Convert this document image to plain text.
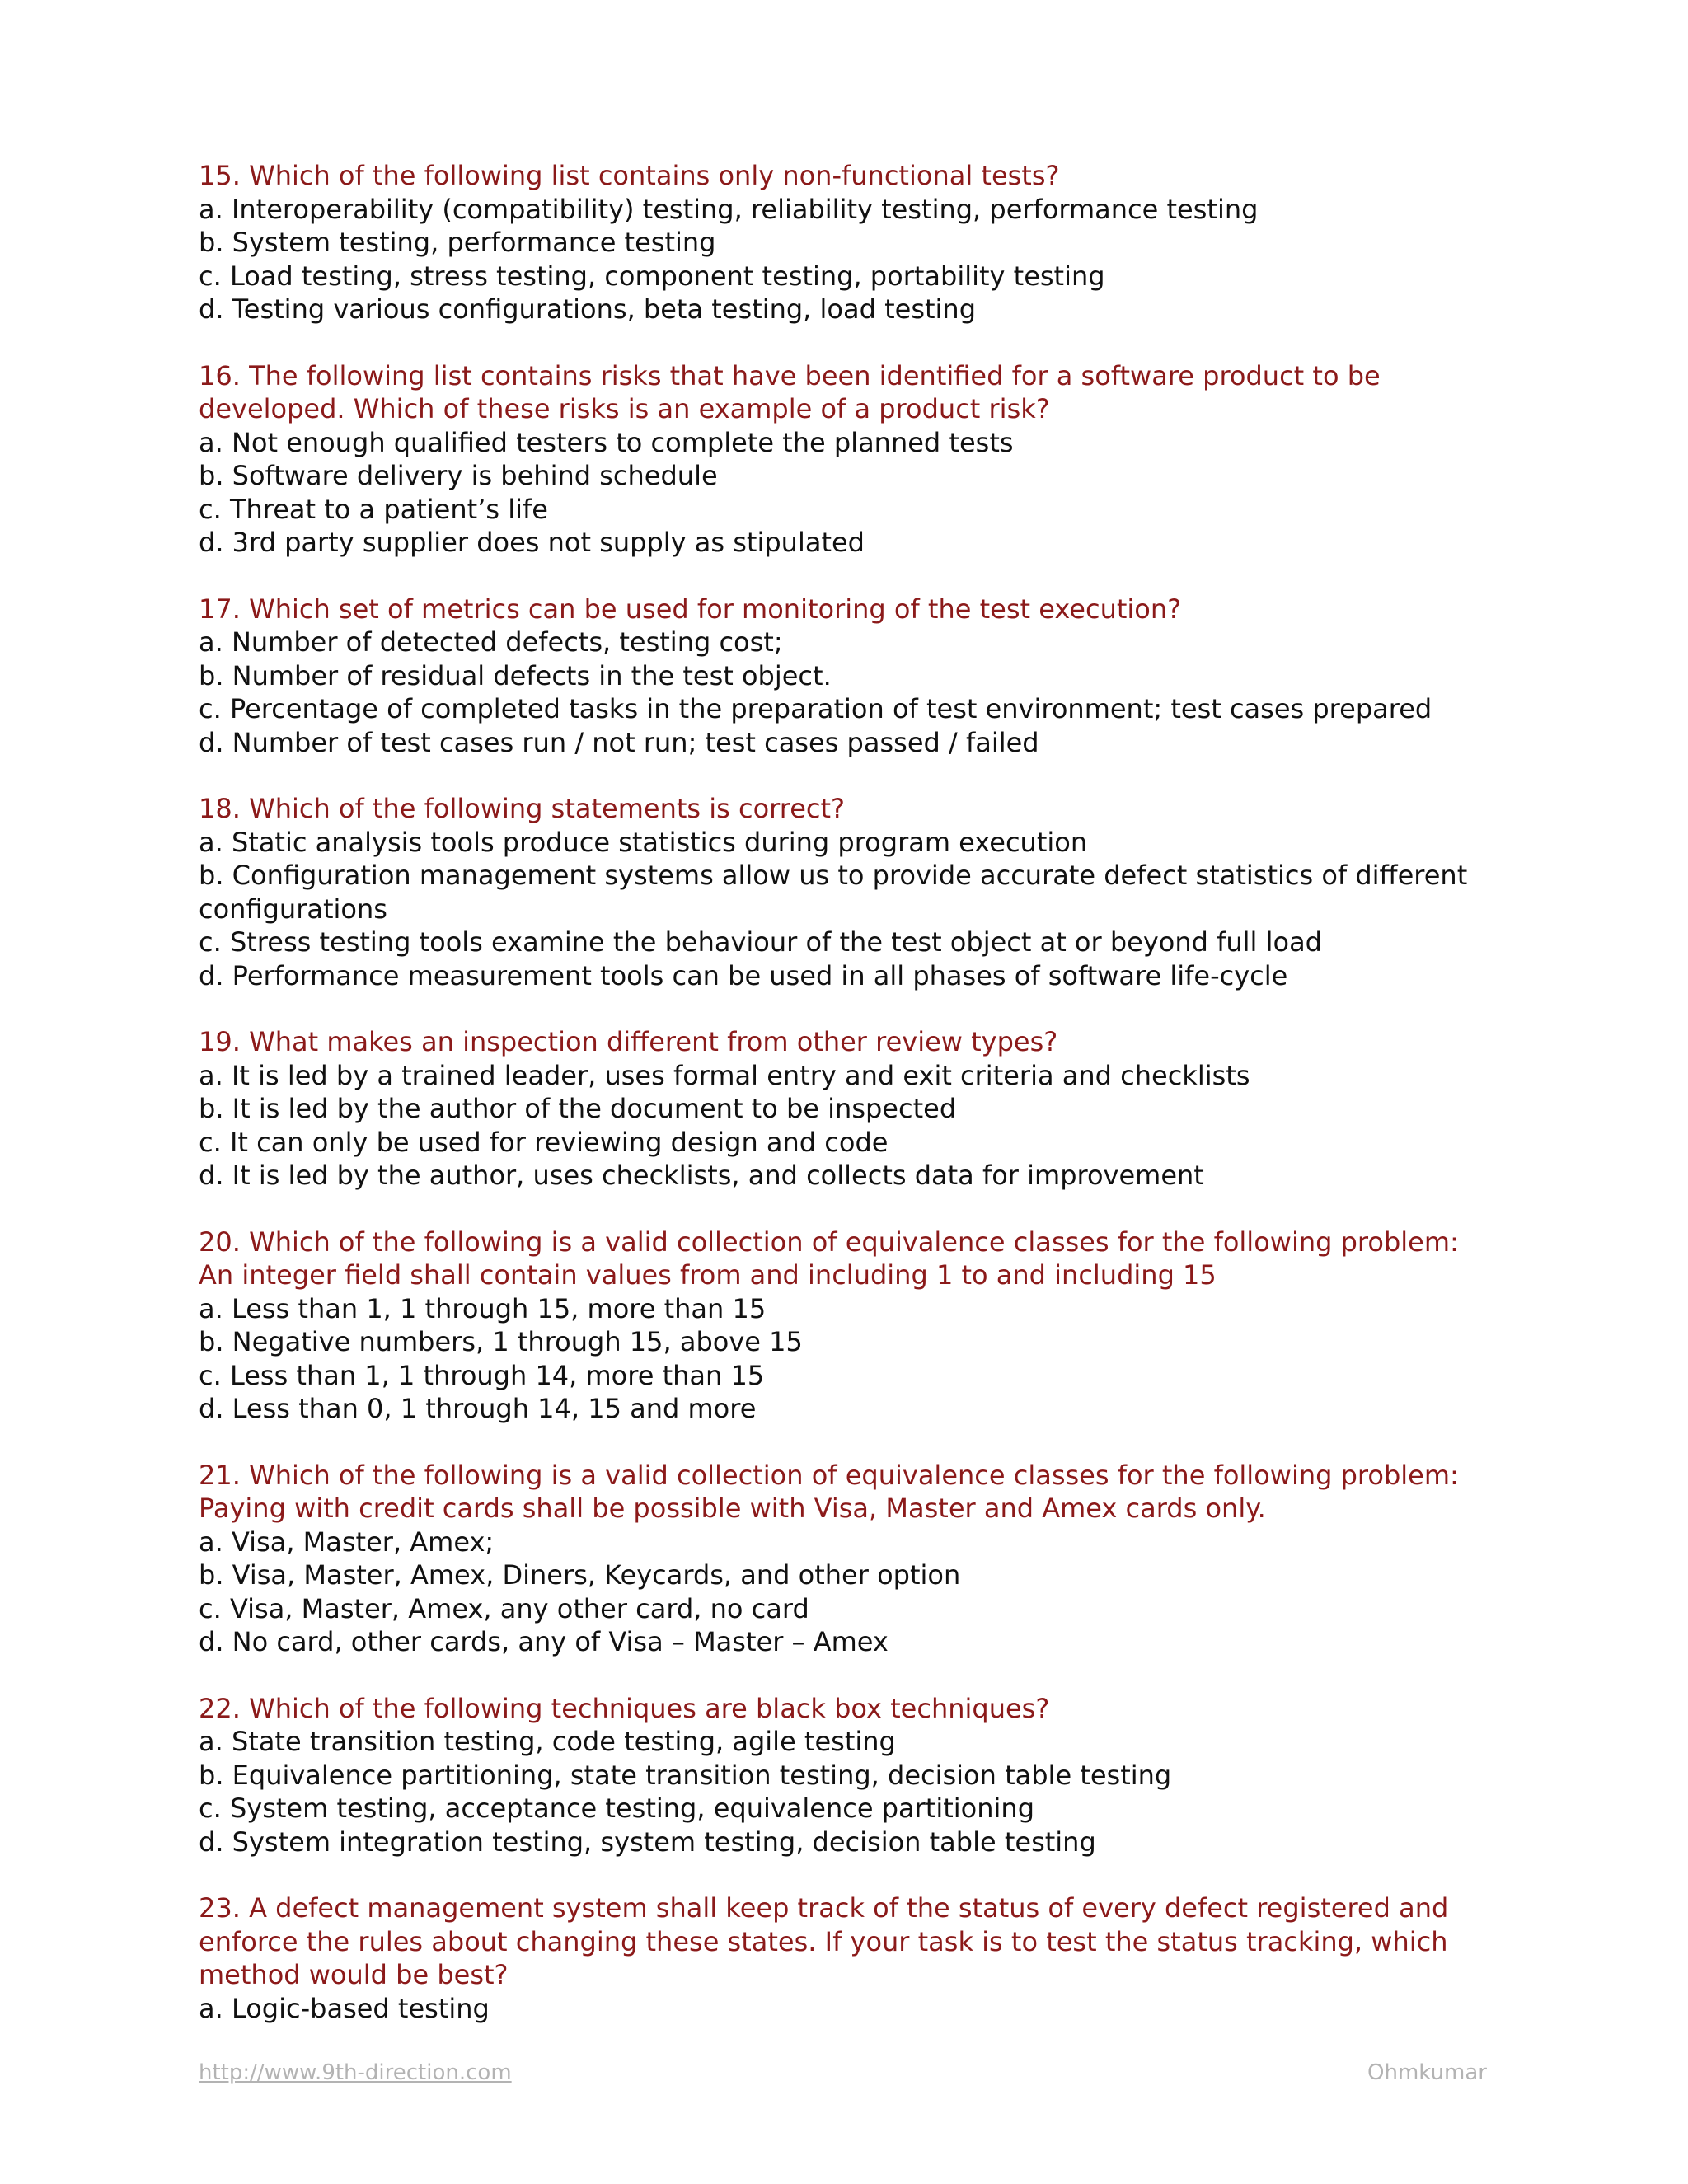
15. Which of the following list contains only non-functional tests?

a. Interoperability (compatibility) testing, reliability testing, performance testing
b. System testing, performance testing
c. Load testing, stress testing, component testing, portability testing
d. Testing various configurations, beta testing, load testing

16. The following list contains risks that have been identified for a software product to be developed. Which of these risks is an example of a product risk?

a. Not enough qualified testers to complete the planned tests
b. Software delivery is behind schedule
c. Threat to a patient’s life
d. 3rd party supplier does not supply as stipulated

17. Which set of metrics can be used for monitoring of the test execution?

a. Number of detected defects, testing cost;
b. Number of residual defects in the test object.
c. Percentage of completed tasks in the preparation of test environment; test cases prepared
d. Number of test cases run / not run; test cases passed / failed

18. Which of the following statements is correct?

a. Static analysis tools produce statistics during program execution
b. Configuration management systems allow us to provide accurate defect statistics of different configurations
c. Stress testing tools examine the behaviour of the test object at or beyond full load
d. Performance measurement tools can be used in all phases of software life-cycle

19. What makes an inspection different from other review types?

a. It is led by a trained leader, uses formal entry and exit criteria and checklists
b. It is led by the author of the document to be inspected
c. It can only be used for reviewing design and code
d. It is led by the author, uses checklists, and collects data for improvement

20. Which of the following is a valid collection of equivalence classes for the following problem: An integer field shall contain values from and including 1 to and including 15

a. Less than 1, 1 through 15, more than 15
b. Negative numbers, 1 through 15, above 15
c. Less than 1, 1 through 14, more than 15
d. Less than 0, 1 through 14, 15 and more

21. Which of the following is a valid collection of equivalence classes for the following problem: Paying with credit cards shall be possible with Visa, Master and Amex cards only.

a. Visa, Master, Amex;
b. Visa, Master, Amex, Diners, Keycards, and other option
c. Visa, Master, Amex, any other card, no card
d. No card, other cards, any of Visa – Master – Amex

22. Which of the following techniques are black box techniques?

a. State transition testing, code testing, agile testing
b. Equivalence partitioning, state transition testing, decision table testing
c. System testing, acceptance testing, equivalence partitioning
d. System integration testing, system testing, decision table testing

23. A defect management system shall keep track of the status of every defect registered and enforce the rules about changing these states. If your task is to test the status tracking, which method would be best?

a. Logic-based testing
http://www.9th-direction.com	Ohmkumar
